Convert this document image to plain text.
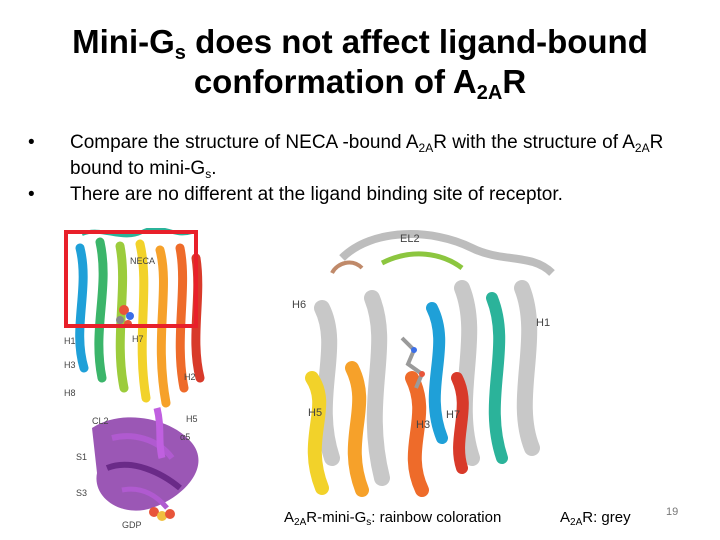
Mini-$G_s$ does not affect ligand-bound
conformation of $A_{2A}R$
•	Compare the structure of NECA -bound $A_{2A}R$ with the structure of $A_{2A}R$ bound to mini-$G_s$.
•	There are no different at the ligand binding site of receptor.
NECA
H7
H1
H2
H3
H8
H5
CL2
α5
S1
S3
GDP
EL2
H6
H1
H5	H7
H3
$A_{2A}R-\min i-G_s$: rainbow coloration	$A_{2A}R$: grey	19
